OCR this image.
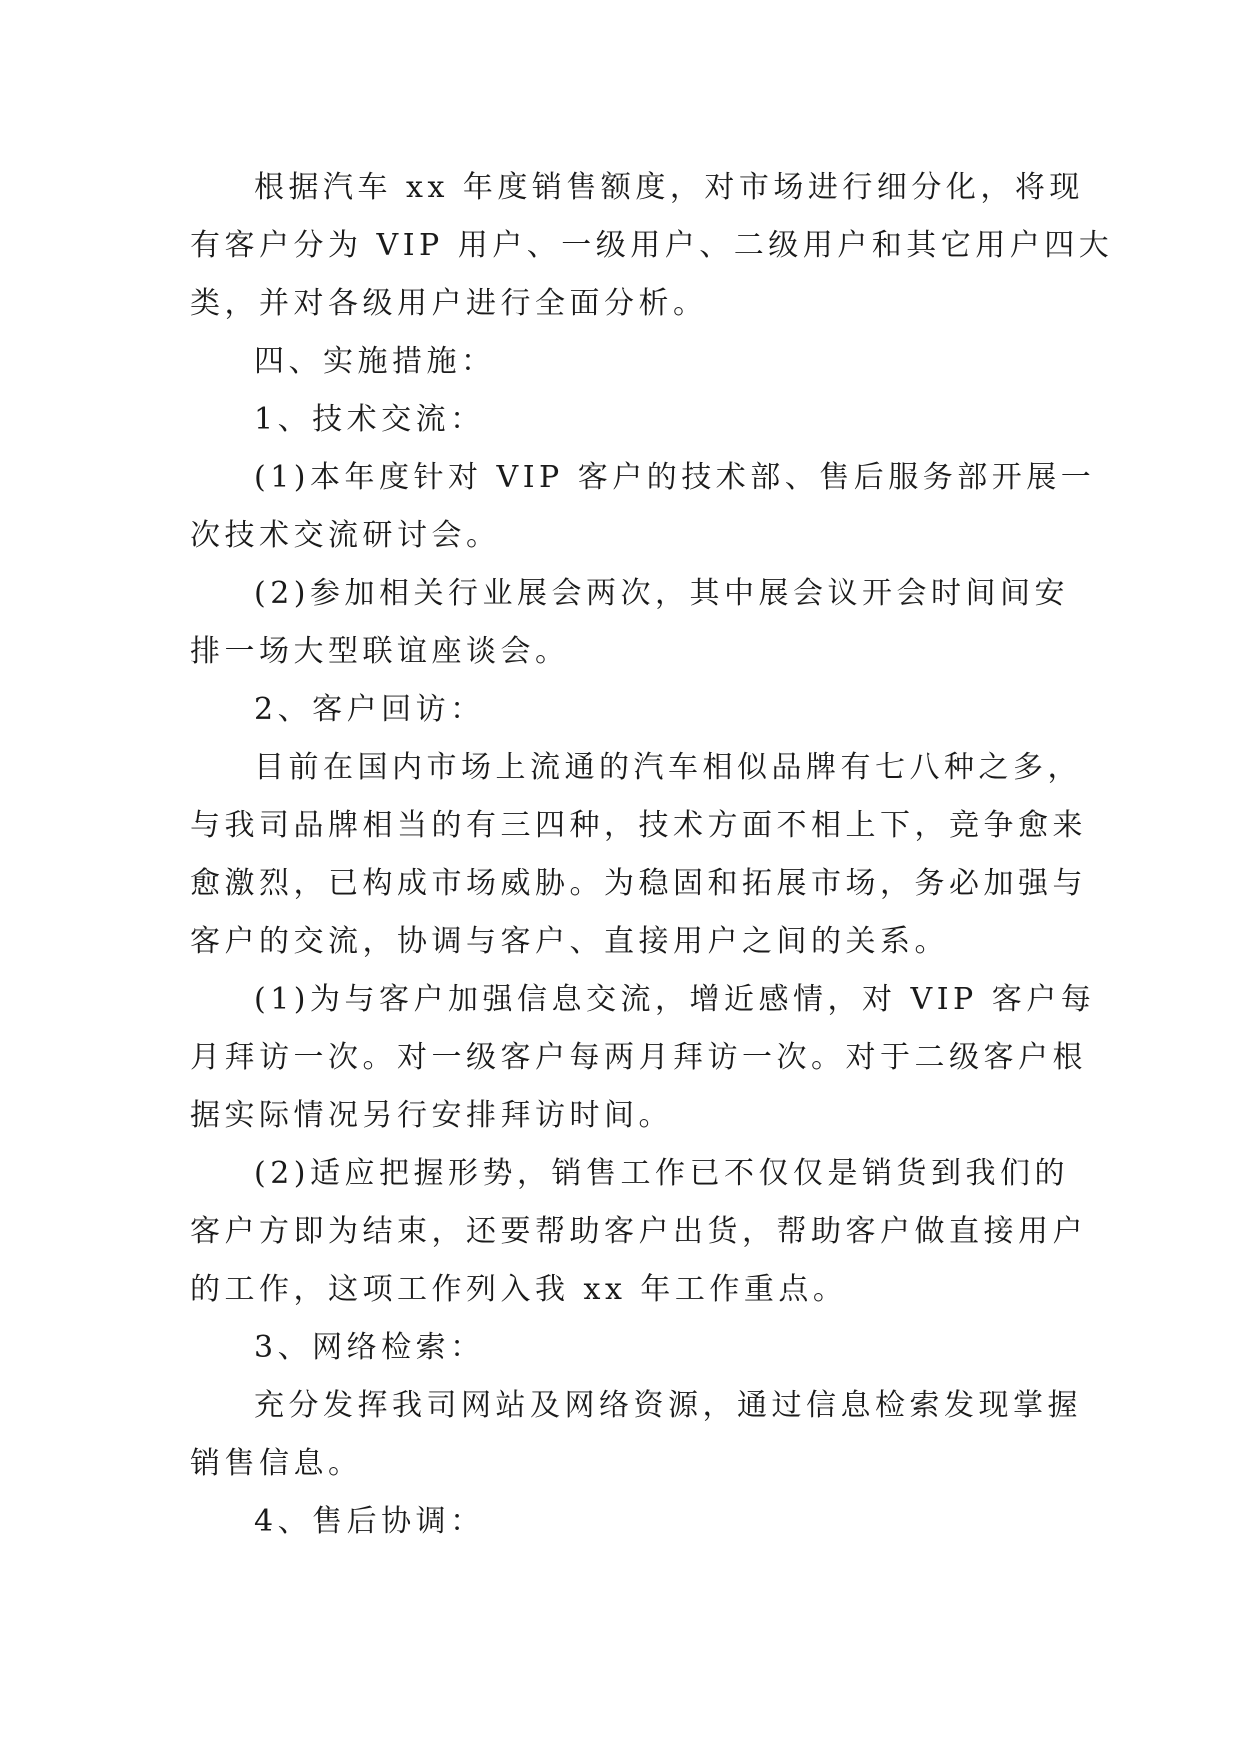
根据汽车 xx 年度销售额度，对市场进行细分化，将现

有客户分为 VIP 用户、一级用户、二级用户和其它用户四大

类，并对各级用户进行全面分析。

四、实施措施：

1、技术交流：

(1)本年度针对 VIP 客户的技术部、售后服务部开展一

次技术交流研讨会。

(2)参加相关行业展会两次，其中展会议开会时间间安

排一场大型联谊座谈会。

2、客户回访：

目前在国内市场上流通的汽车相似品牌有七八种之多，

与我司品牌相当的有三四种，技术方面不相上下，竞争愈来

愈激烈，已构成市场威胁。为稳固和拓展市场，务必加强与

客户的交流，协调与客户、直接用户之间的关系。

(1)为与客户加强信息交流，增近感情，对 VIP 客户每

月拜访一次。对一级客户每两月拜访一次。对于二级客户根

据实际情况另行安排拜访时间。

(2)适应把握形势，销售工作已不仅仅是销货到我们的

客户方即为结束，还要帮助客户出货，帮助客户做直接用户

的工作，这项工作列入我 xx 年工作重点。

3、网络检索：

充分发挥我司网站及网络资源，通过信息检索发现掌握

销售信息。

4、售后协调：
